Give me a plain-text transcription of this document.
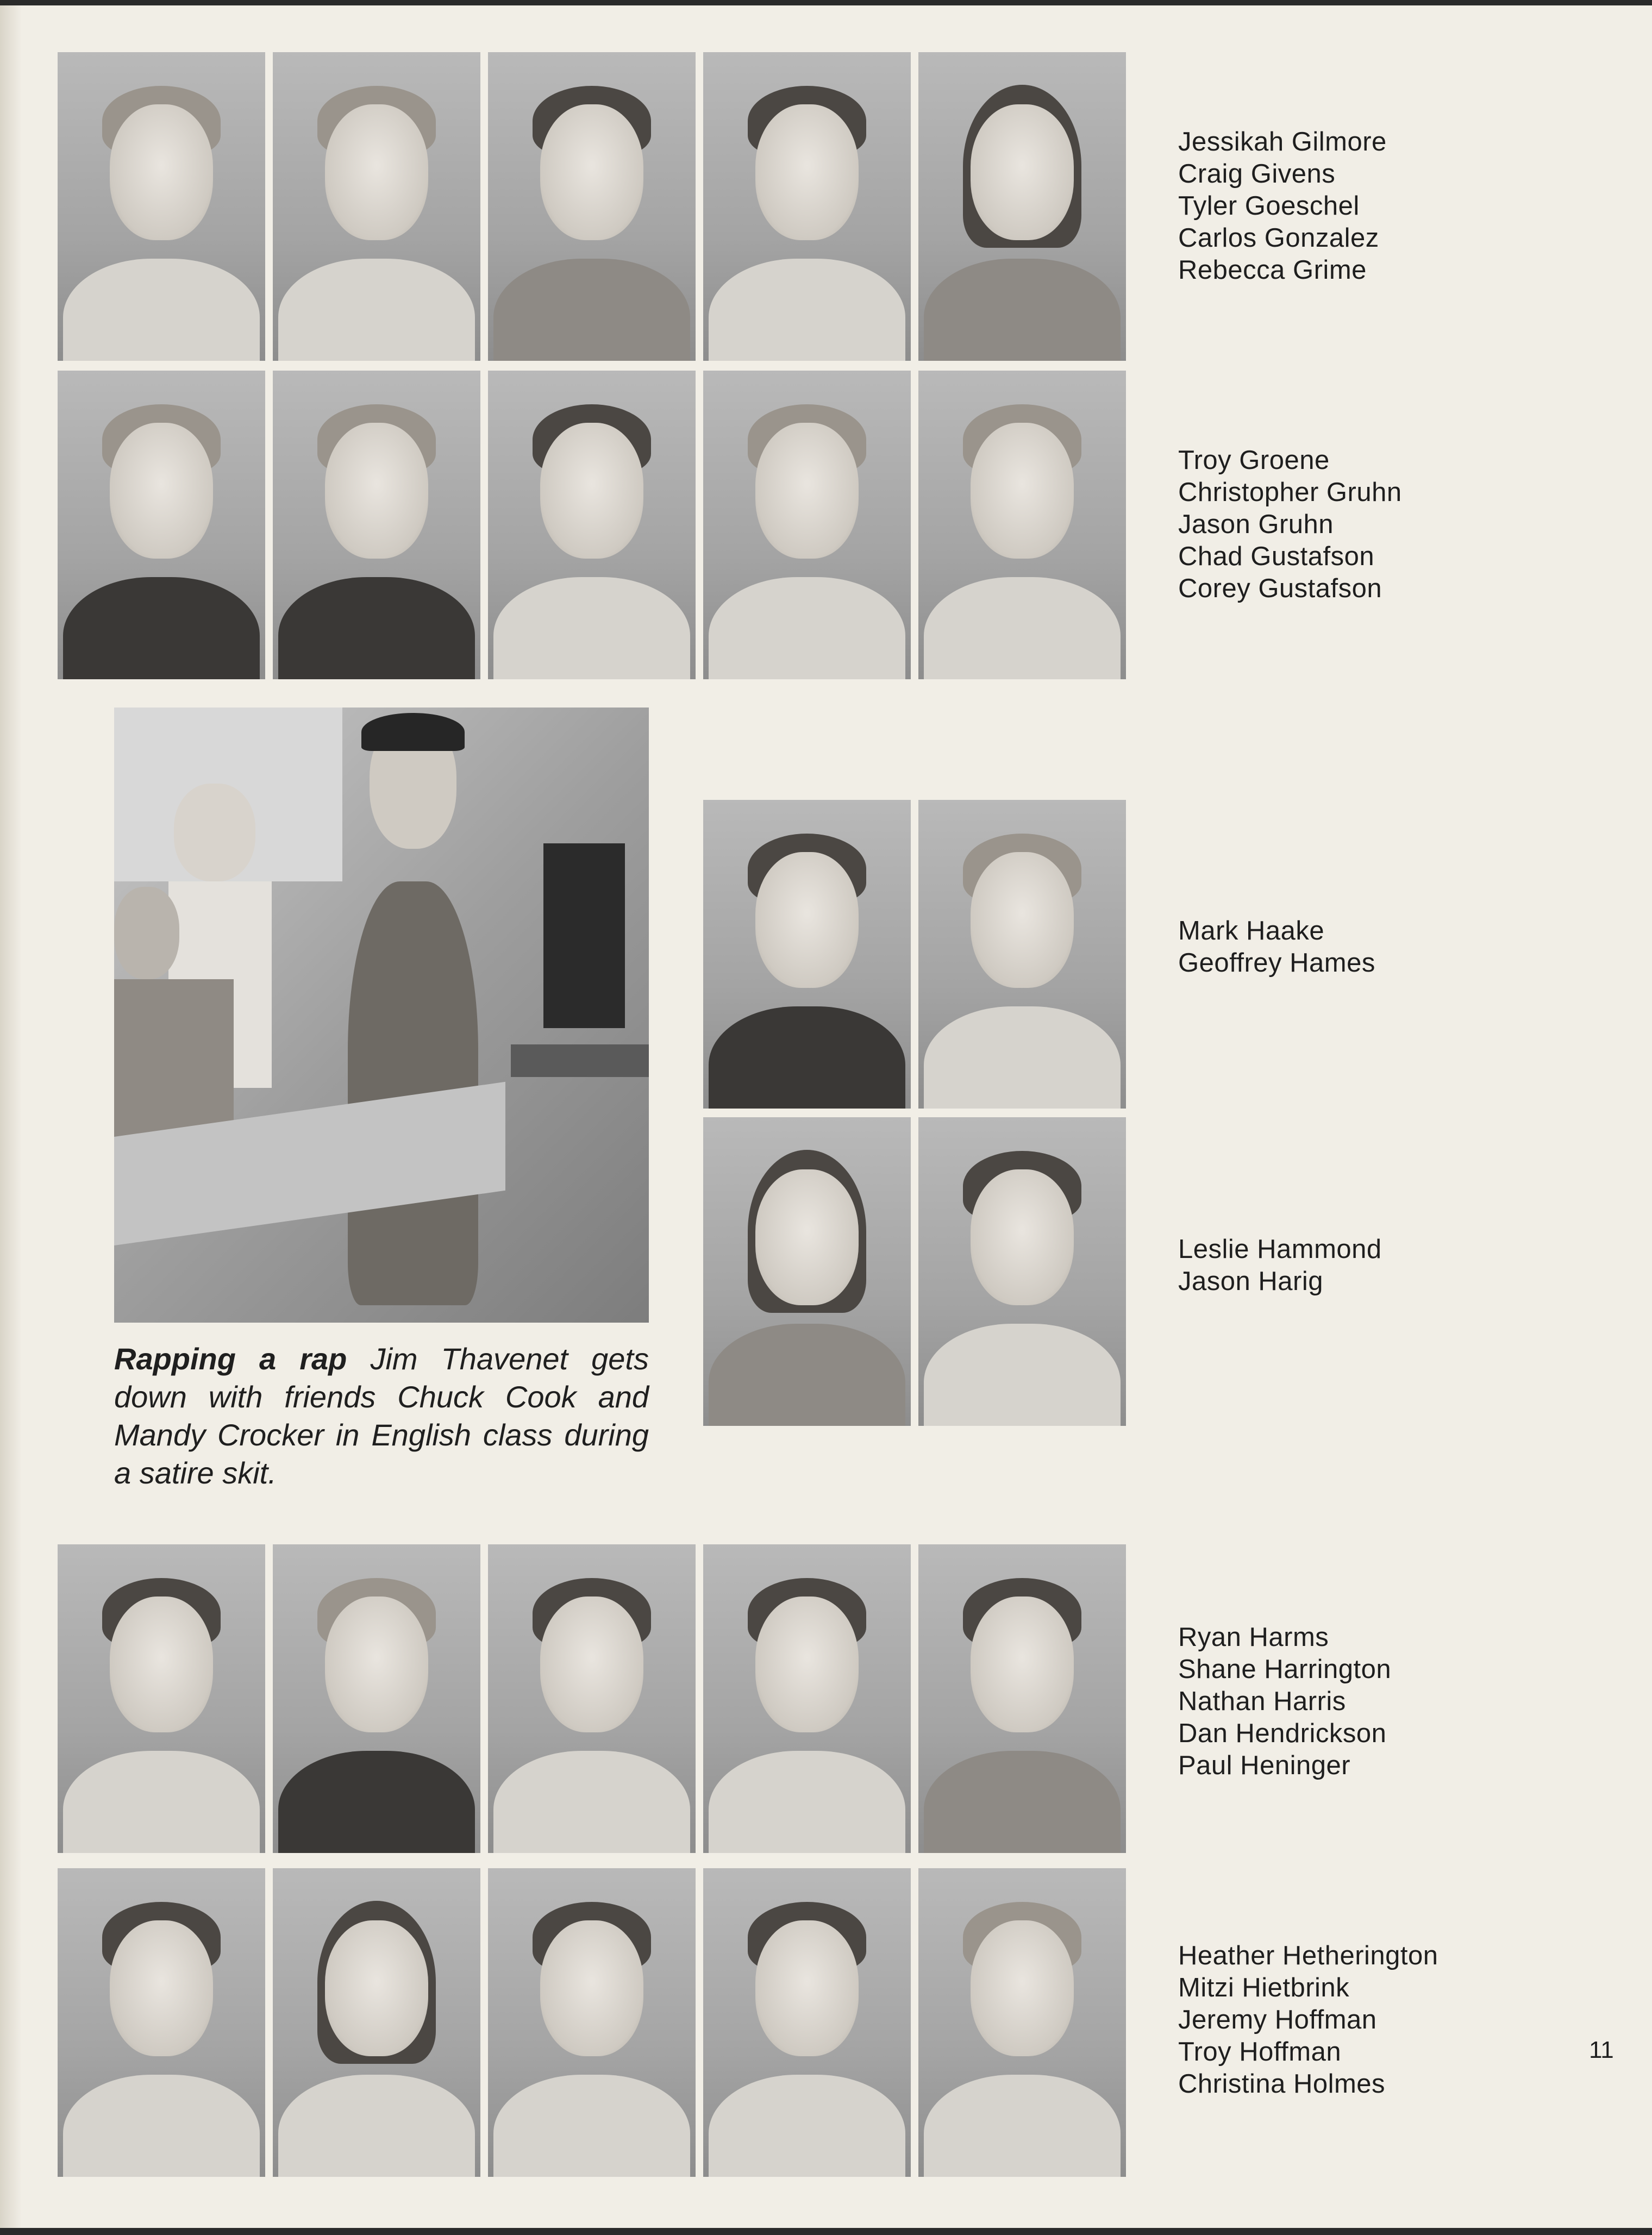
Rapping a rap Jim Thavenet gets down with friends Chuck Cook and Mandy Crocker in English class during a satire skit.

Jessikah Gilmore
Craig Givens
Tyler Goeschel
Carlos Gonzalez
Rebecca Grime
Troy Groene
Christopher Gruhn
Jason Gruhn
Chad Gustafson
Corey Gustafson
Mark Haake
Geoffrey Hames
Leslie Hammond
Jason Harig
Ryan Harms
Shane Harrington
Nathan Harris
Dan Hendrickson
Paul Heninger
Heather Hetherington
Mitzi Hietbrink
Jeremy Hoffman
Troy Hoffman
Christina Holmes
11
